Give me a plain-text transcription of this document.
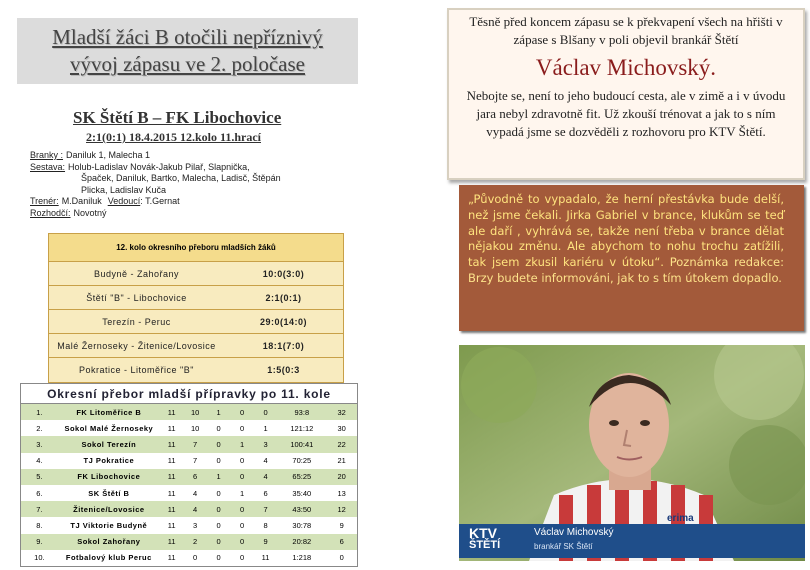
Mladší žáci B otočili nepříznivý
vývoj zápasu ve 2. poločase
SK Štětí B – FK Libochovice
2:1(0:1) 18.4.2015 12.kolo 11.hrací
Branky : Daniluk 1, Malecha 1
Sestava: Holub-Ladislav Novák-Jakub Pilař, Slapnička,
Špaček, Daniluk, Bartko, Malecha, Ladisč, Štěpán
Plicka, Ladislav Kuča
Trenér: M.Daniluk Vedoucí : T.Gernat
Rozhodčí: Novotný
12. kolo okresního přeboru mladších žáků
Budyně - Zahořany	10:0(3:0)
Štětí "B" - Libochovice	2:1(0:1)
Terezín - Peruc	29:0(14:0)
Malé Žernoseky - Žitenice/Lovosice	18:1(7:0)
Pokratice - Litoměřice "B"	1:5(0:3
Okresní přebor mladší přípravky po 11. kole
1.	FK Litoměřice B	11	10	1	0	0	93:8	32
2.	Sokol Malé Žernoseky	11	10	0	0	1	121:12	30
3.	Sokol Terezín	11	7	0	1	3	100:41	22
4.	TJ Pokratice	11	7	0	0	4	70:25	21
5.	FK Libochovice	11	6	1	0	4	65:25	20
6.	SK Štětí B	11	4	0	1	6	35:40	13
7.	Žitenice/Lovosice	11	4	0	0	7	43:50	12
8.	TJ Viktorie Budyně	11	3	0	0	8	30:78	9
9.	Sokol Zahořany	11	2	0	0	9	20:82	6
10.	Fotbalový klub Peruc	11	0	0	0	11	1:218	0
Těsně před koncem zápasu se k překvapení všech na hřišti v zápase s Blšany v poli objevil brankář Štětí
Václav Michovský.
Nebojte se, není to jeho budoucí cesta, ale v zimě a i v úvodu jara nebyl zdravotně fit. Už zkouší trénovat a jak to s ním vypadá jsme se dozvěděli z rozhovoru pro KTV Štětí.
„Původně to vypadalo, že herní přestávka bude delší, než jsme čekali. Jirka Gabriel v brance, klukům se teď ale daří , vyhrává se, takže není třeba v brance dělat nějakou změnu. Ale abychom to nohu trochu zatížili, tak jsem zkusil kariéru v útoku“. Poznámka redakce: Brzy budete informováni, jak to s tím útokem dopadlo.
erima
KTV
ŠTĚTÍ
Václav Michovský
brankář SK Štětí
